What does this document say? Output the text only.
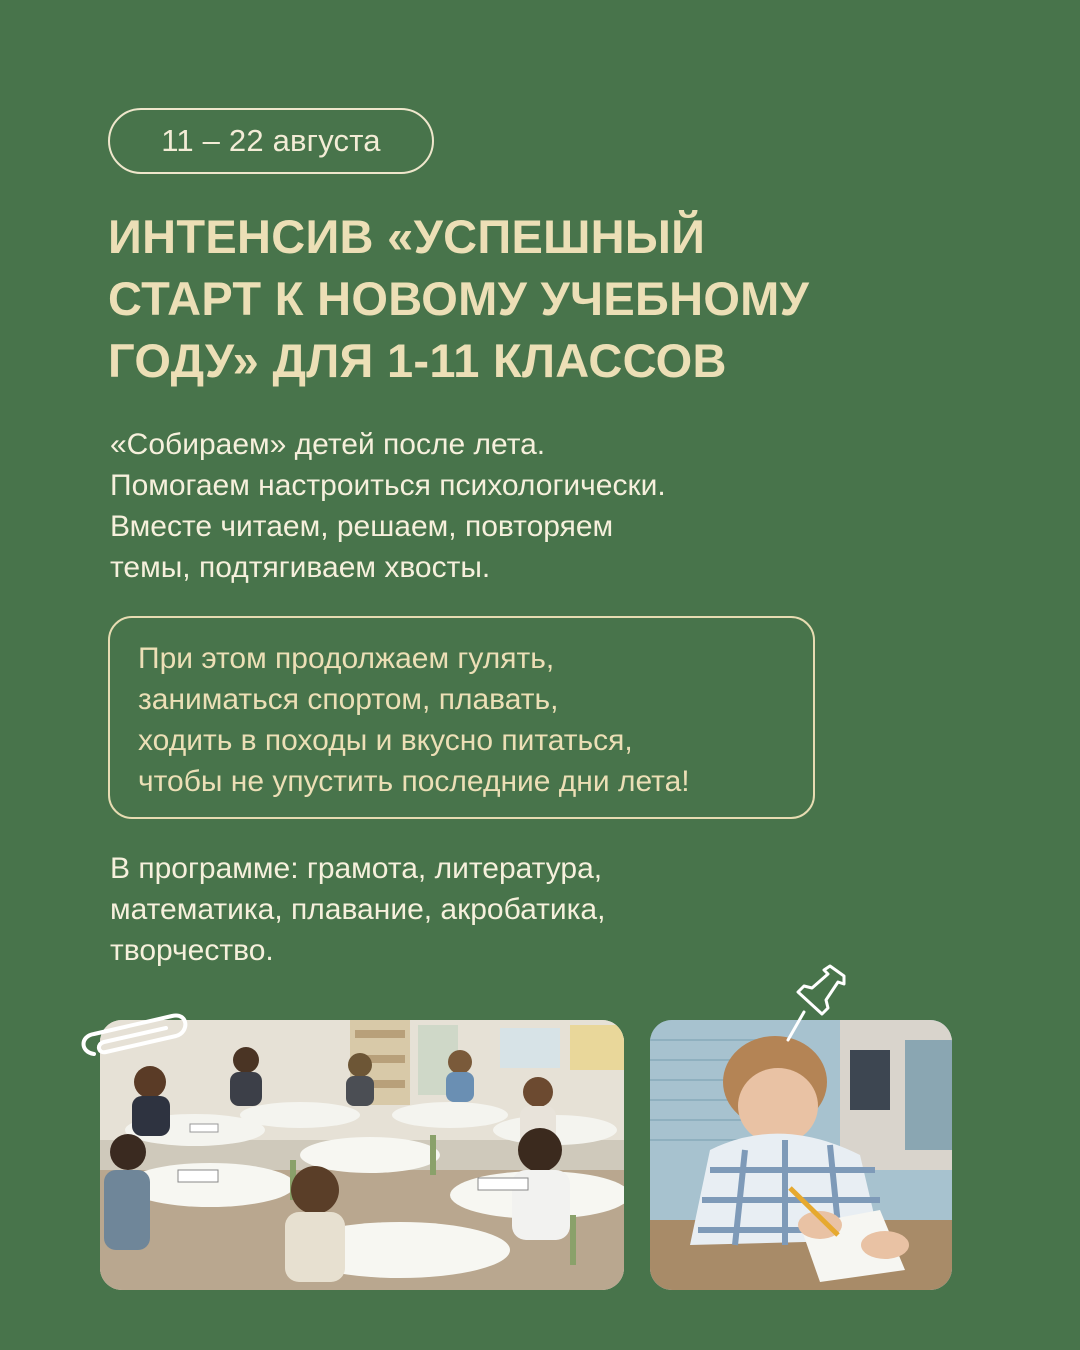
11 – 22 августа
ИНТЕНСИВ «УСПЕШНЫЙ
СТАРТ К НОВОМУ УЧЕБНОМУ
ГОДУ» ДЛЯ 1-11 КЛАССОВ
«Собираем» детей после лета.
Помогаем настроиться психологически.
Вместе читаем, решаем, повторяем
темы, подтягиваем хвосты.
При этом продолжаем гулять,
заниматься спортом, плавать,
ходить в походы и вкусно питаться,
чтобы не упустить последние дни лета!
В программе: грамота, литература,
математика, плавание, акробатика,
творчество.
